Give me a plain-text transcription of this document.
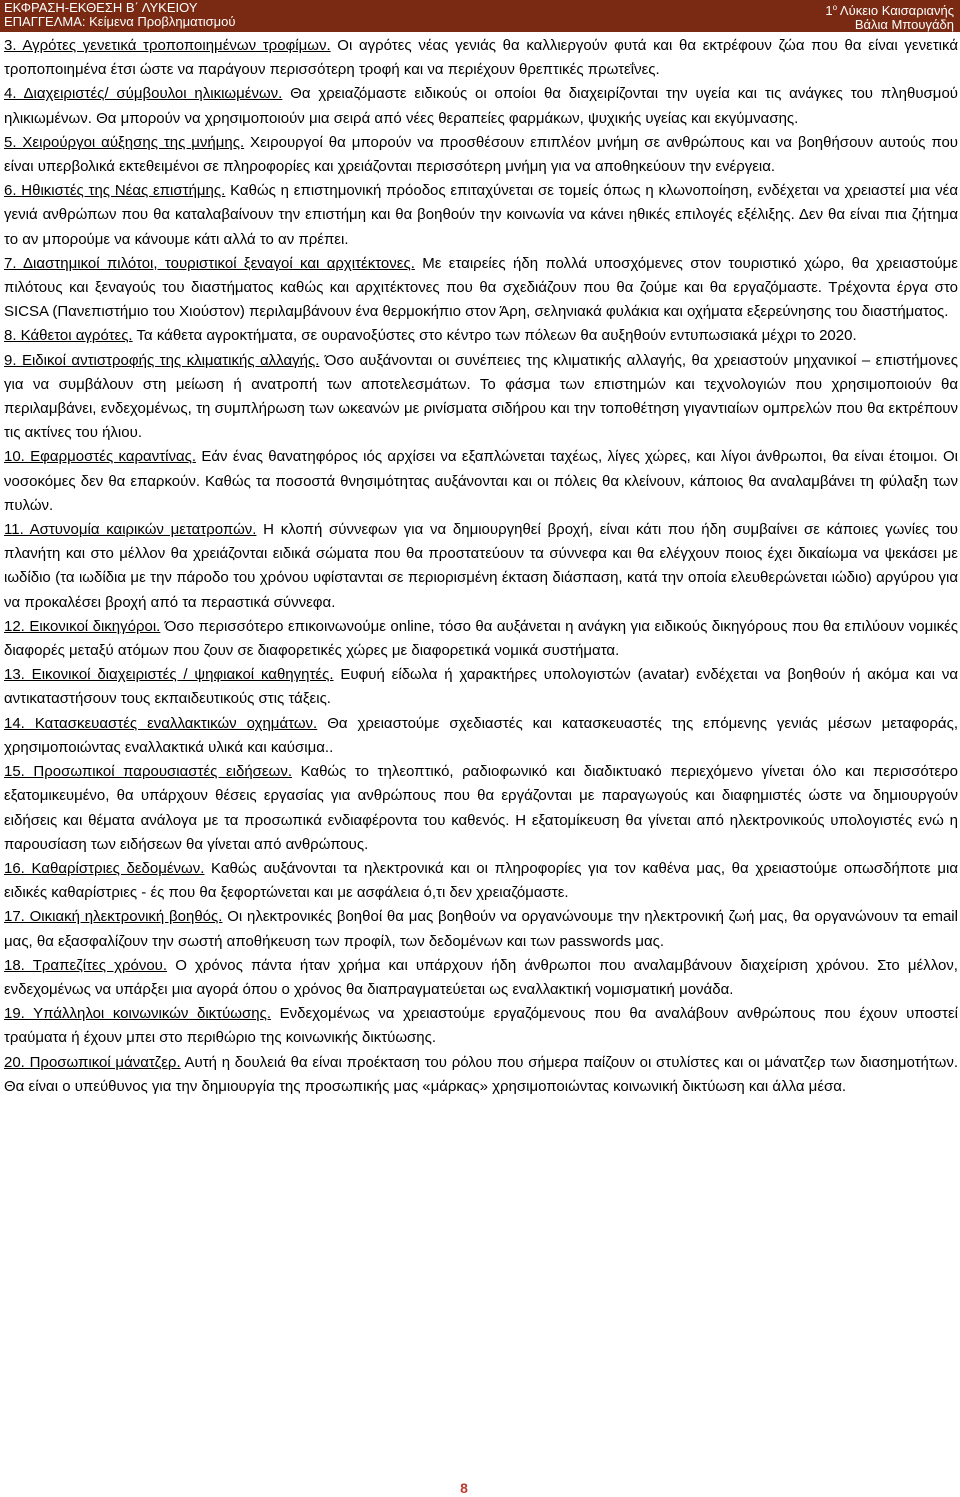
ΕΚΦΡΑΣΗ-ΕΚΘΕΣΗ Β΄ ΛΥΚΕΙΟΥ
ΕΠΑΓΓΕΛΜΑ: Κείμενα Προβληματισμού
$1^o$ Λύκειο Καισαριανής
Βάλια Μπουγάδη

3. Αγρότες γενετικά τροποποιημένων τροφίμων. Οι αγρότες νέας γενιάς θα καλλιεργούν φυτά και θα εκτρέφουν ζώα που θα είναι γενετικά τροποποιημένα έτσι ώστε να παράγουν περισσότερη τροφή και να περιέχουν θρεπτικές πρωτεΐνες.

4. Διαχειριστές/ σύμβουλοι ηλικιωμένων. Θα χρειαζόμαστε ειδικούς οι οποίοι θα διαχειρίζονται την υγεία και τις ανάγκες του πληθυσμού ηλικιωμένων. Θα μπορούν να χρησιμοποιούν μια σειρά από νέες θεραπείες φαρμάκων, ψυχικής υγείας και εκγύμνασης.

5. Χειρούργοι αύξησης της μνήμης. Χειρουργοί θα μπορούν να προσθέσουν επιπλέον μνήμη σε ανθρώπους και να βοηθήσουν αυτούς που είναι υπερβολικά εκτεθειμένοι σε πληροφορίες και χρειάζονται περισσότερη μνήμη για να αποθηκεύουν την ενέργεια.

6. Ηθικιστές της Νέας επιστήμης. Καθώς η επιστημονική πρόοδος επιταχύνεται σε τομείς όπως η κλωνοποίηση, ενδέχεται να χρειαστεί μια νέα γενιά ανθρώπων που θα καταλαβαίνουν την επιστήμη και θα βοηθούν την κοινωνία να κάνει ηθικές επιλογές εξέλιξης. Δεν θα είναι πια ζήτημα το αν μπορούμε να κάνουμε κάτι αλλά το αν πρέπει.

7. Διαστημικοί πιλότοι, τουριστικοί ξεναγοί και αρχιτέκτονες. Με εταιρείες ήδη πολλά υποσχόμενες στον τουριστικό χώρο, θα χρειαστούμε πιλότους και ξεναγούς του διαστήματος καθώς και αρχιτέκτονες που θα σχεδιάζουν που θα ζούμε και θα εργαζόμαστε. Τρέχοντα έργα στο SICSA (Πανεπιστήμιο του Χιούστον) περιλαμβάνουν ένα θερμοκήπιο στον Άρη, σεληνιακά φυλάκια και οχήματα εξερεύνησης του διαστήματος.

8. Κάθετοι αγρότες. Τα κάθετα αγροκτήματα, σε ουρανοξύστες στο κέντρο των πόλεων θα αυξηθούν εντυπωσιακά μέχρι το 2020.

9. Ειδικοί αντιστροφής της κλιματικής αλλαγής. Όσο αυξάνονται οι συνέπειες της κλιματικής αλλαγής, θα χρειαστούν μηχανικοί – επιστήμονες για να συμβάλουν στη μείωση ή ανατροπή των αποτελεσμάτων. Το φάσμα των επιστημών και τεχνολογιών που χρησιμοποιούν θα περιλαμβάνει, ενδεχομένως, τη συμπλήρωση των ωκεανών με ρινίσματα σιδήρου και την τοποθέτηση γιγαντιαίων ομπρελών που θα εκτρέπουν τις ακτίνες του ήλιου.

10. Εφαρμοστές καραντίνας. Εάν ένας θανατηφόρος ιός αρχίσει να εξαπλώνεται ταχέως, λίγες χώρες, και λίγοι άνθρωποι, θα είναι έτοιμοι. Οι νοσοκόμες δεν θα επαρκούν. Καθώς τα ποσοστά θνησιμότητας αυξάνονται και οι πόλεις θα κλείνουν, κάποιος θα αναλαμβάνει τη φύλαξη των πυλών.

11. Αστυνομία καιρικών μετατροπών. Η κλοπή σύννεφων για να δημιουργηθεί βροχή, είναι κάτι που ήδη συμβαίνει σε κάποιες γωνίες του πλανήτη και στο μέλλον θα χρειάζονται ειδικά σώματα που θα προστατεύουν τα σύννεφα και θα ελέγχουν ποιος έχει δικαίωμα να ψεκάσει με ιωδίδιο (τα ιωδίδια με την πάροδο του χρόνου υφίστανται σε περιορισμένη έκταση διάσπαση, κατά την οποία ελευθερώνεται ιώδιο) αργύρου για να προκαλέσει βροχή από τα περαστικά σύννεφα.

12. Εικονικοί δικηγόροι. Όσο περισσότερο επικοινωνούμε online, τόσο θα αυξάνεται η ανάγκη για ειδικούς δικηγόρους που θα επιλύουν νομικές διαφορές μεταξύ ατόμων που ζουν σε διαφορετικές χώρες με διαφορετικά νομικά συστήματα.

13. Εικονικοί διαχειριστές / ψηφιακοί καθηγητές. Ευφυή είδωλα ή χαρακτήρες υπολογιστών (avatar) ενδέχεται να βοηθούν ή ακόμα και να αντικαταστήσουν τους εκπαιδευτικούς στις τάξεις.

14. Κατασκευαστές εναλλακτικών οχημάτων. Θα χρειαστούμε σχεδιαστές και κατασκευαστές της επόμενης γενιάς μέσων μεταφοράς, χρησιμοποιώντας εναλλακτικά υλικά και καύσιμα..

15. Προσωπικοί παρουσιαστές ειδήσεων. Καθώς το τηλεοπτικό, ραδιοφωνικό και διαδικτυακό περιεχόμενο γίνεται όλο και περισσότερο εξατομικευμένο, θα υπάρχουν θέσεις εργασίας για ανθρώπους που θα εργάζονται με παραγωγούς και διαφημιστές ώστε να δημιουργούν ειδήσεις και θέματα ανάλογα με τα προσωπικά ενδιαφέροντα του καθενός. Η εξατομίκευση θα γίνεται από ηλεκτρονικούς υπολογιστές ενώ η παρουσίαση των ειδήσεων θα γίνεται από ανθρώπους.

16. Καθαρίστριες δεδομένων. Καθώς αυξάνονται τα ηλεκτρονικά και οι πληροφορίες για τον καθένα μας, θα χρειαστούμε οπωσδήποτε μια ειδικές καθαρίστριες - ές που θα ξεφορτώνεται και με ασφάλεια ό,τι δεν χρειαζόμαστε.

17. Οικιακή ηλεκτρονική βοηθός. Οι ηλεκτρονικές βοηθοί θα μας βοηθούν να οργανώνουμε την ηλεκτρονική ζωή μας, θα οργανώνουν τα email μας, θα εξασφαλίζουν την σωστή αποθήκευση των προφίλ, των δεδομένων και των passwords μας.

18. Τραπεζίτες χρόνου. Ο χρόνος πάντα ήταν χρήμα και υπάρχουν ήδη άνθρωποι που αναλαμβάνουν διαχείριση χρόνου. Στο μέλλον, ενδεχομένως να υπάρξει μια αγορά όπου ο χρόνος θα διαπραγματεύεται ως εναλλακτική νομισματική μονάδα.

19. Υπάλληλοι κοινωνικών δικτύωσης. Ενδεχομένως να χρειαστούμε εργαζόμενους που θα αναλάβουν ανθρώπους που έχουν υποστεί τραύματα ή έχουν μπει στο περιθώριο της κοινωνικής δικτύωσης.

20. Προσωπικοί μάνατζερ. Αυτή η δουλειά θα είναι προέκταση του ρόλου που σήμερα παίζουν οι στυλίστες και οι μάνατζερ των διασημοτήτων. Θα είναι ο υπεύθυνος για την δημιουργία της προσωπικής μας «μάρκας» χρησιμοποιώντας κοινωνική δικτύωση και άλλα μέσα.

8
